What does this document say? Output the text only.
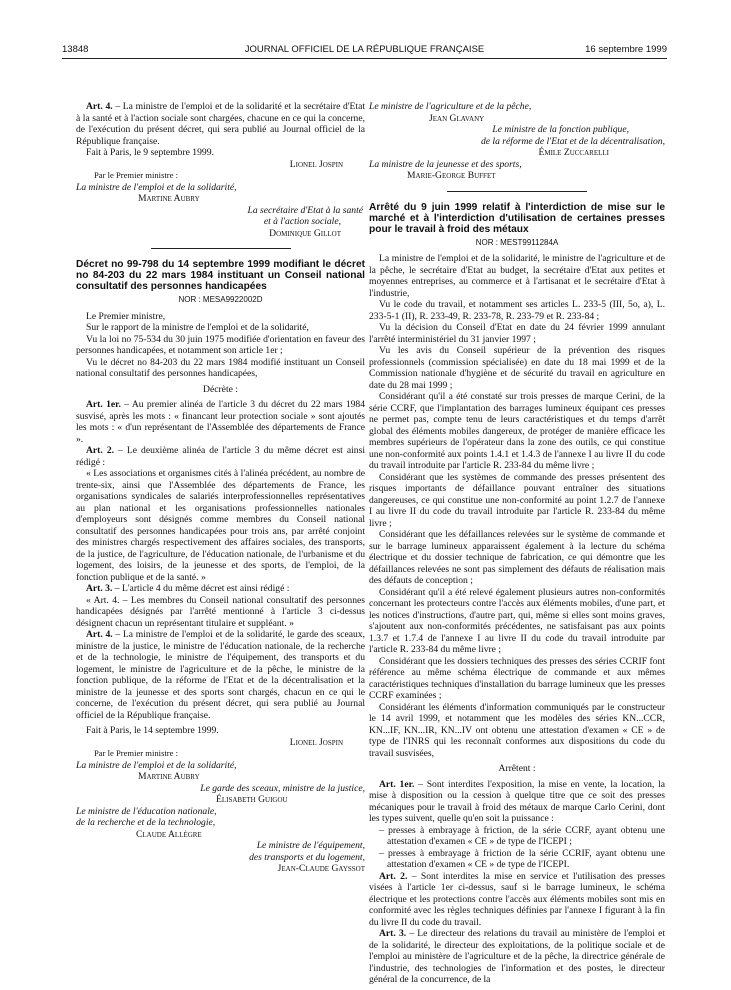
13848	JOURNAL OFFICIEL DE LA RÉPUBLIQUE FRANÇAISE	16 septembre 1999

Art. 4. – La ministre de l'emploi et de la solidarité et la secrétaire d'Etat à la santé et à l'action sociale sont chargées, chacune en ce qui la concerne, de l'exécution du présent décret, qui sera publié au Journal officiel de la République française.

Fait à Paris, le 9 septembre 1999.

Lionel Jospin

Par le Premier ministre :

La ministre de l'emploi et de la solidarité,

Martine Aubry

La secrétaire d'Etat à la santé

et à l'action sociale,

Dominique Gillot

Décret no 99-798 du 14 septembre 1999 modifiant le décret no 84-203 du 22 mars 1984 instituant un Conseil national consultatif des personnes handicapées

NOR : MESA9922002D

Le Premier ministre,

Sur le rapport de la ministre de l'emploi et de la solidarité,

Vu la loi no 75-534 du 30 juin 1975 modifiée d'orientation en faveur des personnes handicapées, et notamment son article 1er ;

Vu le décret no 84-203 du 22 mars 1984 modifié instituant un Conseil national consultatif des personnes handicapées,

Décrète :

Art. 1er. – Au premier alinéa de l'article 3 du décret du 22 mars 1984 susvisé, après les mots : « financant leur protection sociale » sont ajoutés les mots : « d'un représentant de l'Assemblée des départements de France ».

Art. 2. – Le deuxième alinéa de l'article 3 du même décret est ainsi rédigé :

« Les associations et organismes cités à l'alinéa précédent, au nombre de trente-six, ainsi que l'Assemblée des départements de France, les organisations syndicales de salariés interprofessionnelles représentatives au plan national et les organisations professionnelles nationales d'employeurs sont désignés comme membres du Conseil national consultatif des personnes handicapées pour trois ans, par arrêté conjoint des ministres chargés respectivement des affaires sociales, des transports, de la justice, de l'agriculture, de l'éducation nationale, de l'urbanisme et du logement, des loisirs, de la jeunesse et des sports, de l'emploi, de la fonction publique et de la santé. »

Art. 3. – L'article 4 du même décret est ainsi rédigé :

« Art. 4. – Les membres du Conseil national consultatif des personnes handicapées désignés par l'arrêté mentionné à l'article 3 ci-dessus désignent chacun un représentant titulaire et suppléant. »

Art. 4. – La ministre de l'emploi et de la solidarité, le garde des sceaux, ministre de la justice, le ministre de l'éducation nationale, de la recherche et de la technologie, le ministre de l'équipement, des transports et du logement, le ministre de l'agriculture et de la pêche, le ministre de la fonction publique, de la réforme de l'Etat et de la décentralisation et la ministre de la jeunesse et des sports sont chargés, chacun en ce qui le concerne, de l'exécution du présent décret, qui sera publié au Journal officiel de la République française.

Fait à Paris, le 14 septembre 1999.

Lionel Jospin

Par le Premier ministre :

La ministre de l'emploi et de la solidarité,

Martine Aubry

Le garde des sceaux, ministre de la justice,

Élisabeth Guigou

Le ministre de l'éducation nationale,

de la recherche et de la technologie,

Claude Allègre

Le ministre de l'équipement,

des transports et du logement,

Jean-Claude Gayssot

Le ministre de l'agriculture et de la pêche,

Jean Glavany

Le ministre de la fonction publique,

de la réforme de l'Etat et de la décentralisation,

Émile Zuccarelli

La ministre de la jeunesse et des sports,

Marie-George Buffet

Arrêté du 9 juin 1999 relatif à l'interdiction de mise sur le marché et à l'interdiction d'utilisation de certaines presses pour le travail à froid des métaux

NOR : MEST9911284A

La ministre de l'emploi et de la solidarité, le ministre de l'agriculture et de la pêche, le secrétaire d'Etat au budget, la secrétaire d'Etat aux petites et moyennes entreprises, au commerce et à l'artisanat et le secrétaire d'Etat à l'industrie,

Vu le code du travail, et notamment ses articles L. 233-5 (III, 5o, a), L. 233-5-1 (II), R. 233-49, R. 233-78, R. 233-79 et R. 233-84 ;

Vu la décision du Conseil d'Etat en date du 24 février 1999 annulant l'arrêté interministériel du 31 janvier 1997 ;

Vu les avis du Conseil supérieur de la prévention des risques professionnels (commission spécialisée) en date du 18 mai 1999 et de la Commission nationale d'hygiène et de sécurité du travail en agriculture en date du 28 mai 1999 ;

Considérant qu'il a été constaté sur trois presses de marque Cerini, de la série CCRF, que l'implantation des barrages lumineux équipant ces presses ne permet pas, compte tenu de leurs caractéristiques et du temps d'arrêt global des éléments mobiles dangereux, de protéger de manière efficace les membres supérieurs de l'opérateur dans la zone des outils, ce qui constitue une non-conformité aux points 1.4.1 et 1.4.3 de l'annexe I au livre II du code du travail introduite par l'article R. 233-84 du même livre ;

Considérant que les systèmes de commande des presses présentent des risques importants de défaillance pouvant entraîner des situations dangereuses, ce qui constitue une non-conformité au point 1.2.7 de l'annexe I au livre II du code du travail introduite par l'article R. 233-84 du même livre ;

Considérant que les défaillances relevées sur le système de commande et sur le barrage lumineux apparaissent également à la lecture du schéma électrique et du dossier technique de fabrication, ce qui démontre que les défaillances relevées ne sont pas simplement des défauts de réalisation mais des défauts de conception ;

Considérant qu'il a été relevé également plusieurs autres non-conformités concernant les protecteurs contre l'accès aux éléments mobiles, d'une part, et les notices d'instructions, d'autre part, qui, même si elles sont moins graves, s'ajoutent aux non-conformités précédentes, ne satisfaisant pas aux points 1.3.7 et 1.7.4 de l'annexe I au livre II du code du travail introduite par l'article R. 233-84 du même livre ;

Considérant que les dossiers techniques des presses des séries CCRIF font référence au même schéma électrique de commande et aux mêmes caractéristiques techniques d'installation du barrage lumineux que les presses CCRF examinées ;

Considérant les éléments d'information communiqués par le constructeur le 14 avril 1999, et notamment que les modèles des séries KN...CCR, KN...IF, KN...IR, KN...IV ont obtenu une attestation d'examen « CE » de type de l'INRS qui les reconnaît conformes aux dispositions du code du travail susvisées,

Arrêtent :

Art. 1er. – Sont interdites l'exposition, la mise en vente, la location, la mise à disposition ou la cession à quelque titre que ce soit des presses mécaniques pour le travail à froid des métaux de marque Carlo Cerini, dont les types suivent, quelle qu'en soit la puissance :

– presses à embrayage à friction, de la série CCRF, ayant obtenu une attestation d'examen « CE » de type de l'ICEPI ;
– presses à embrayage à friction de la série CCRIF, ayant obtenu une attestation d'examen « CE » de type de l'ICEPI.

Art. 2. – Sont interdites la mise en service et l'utilisation des presses visées à l'article 1er ci-dessus, sauf si le barrage lumineux, le schéma électrique et les protections contre l'accès aux éléments mobiles sont mis en conformité avec les règles techniques définies par l'annexe I figurant à la fin du livre II du code du travail.

Art. 3. – Le directeur des relations du travail au ministère de l'emploi et de la solidarité, le directeur des exploitations, de la politique sociale et de l'emploi au ministère de l'agriculture et de la pêche, la directrice générale de l'industrie, des technologies de l'information et des postes, le directeur général de la concurrence, de la
